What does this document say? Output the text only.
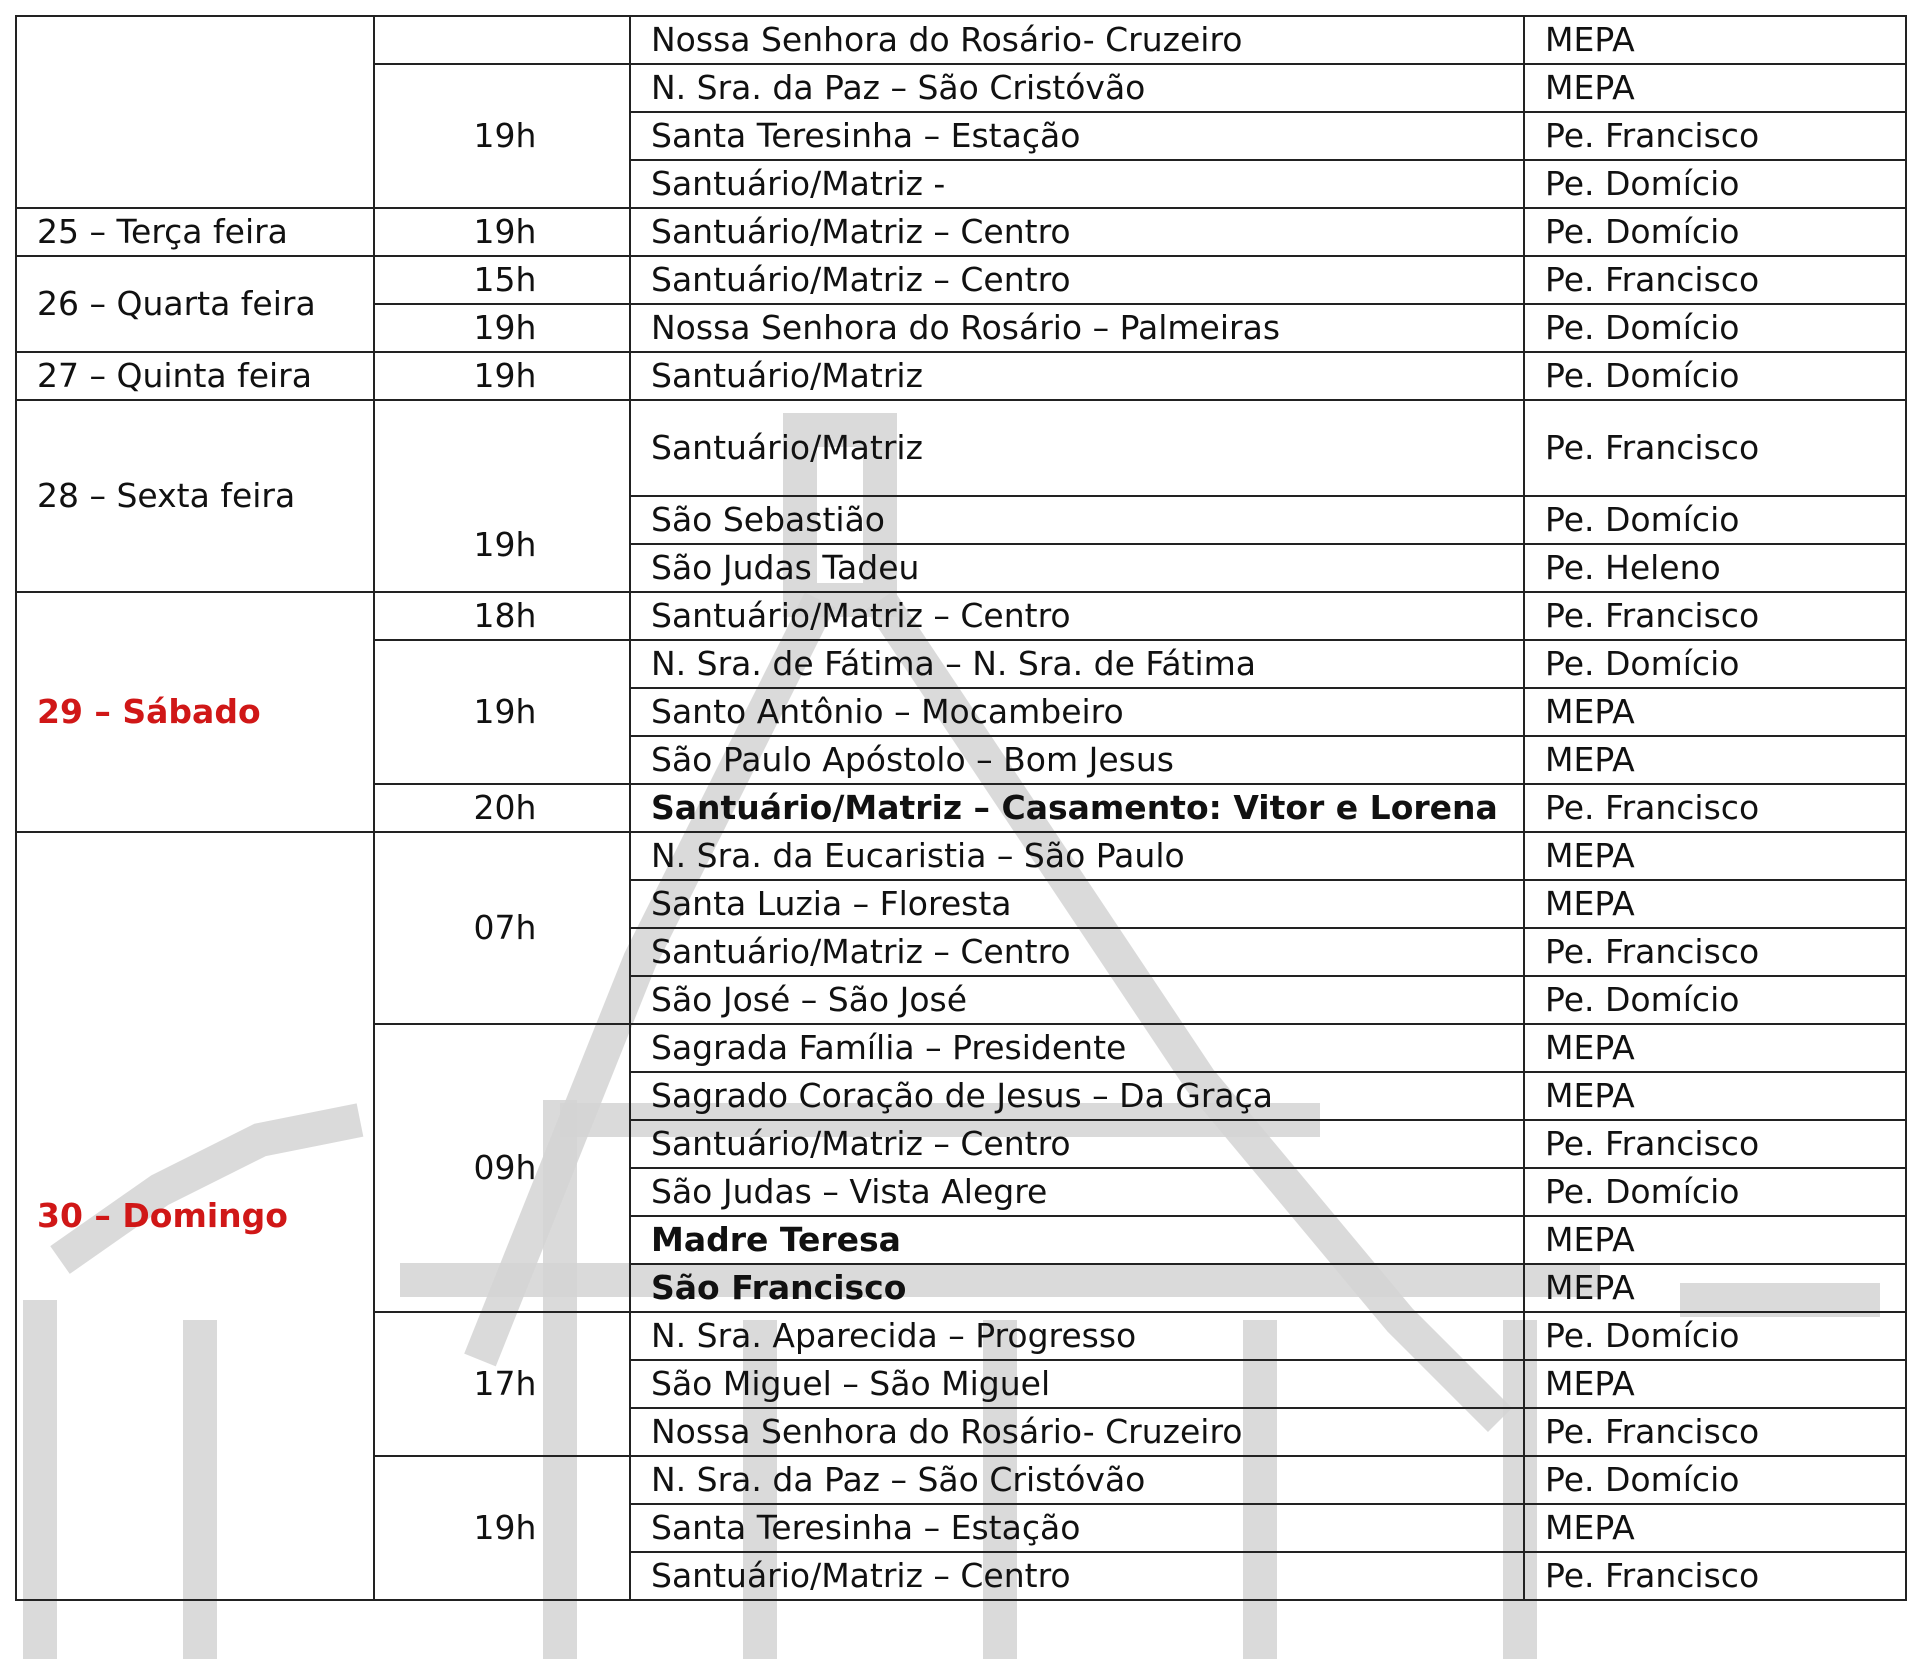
		Nossa Senhora do Rosário- Cruzeiro	MEPA
	19h	N. Sra. da Paz – São Cristóvão	MEPA
		Santa Teresinha – Estação	Pe. Francisco
		Santuário/Matriz -	Pe. Domício
25 – Terça feira	19h	Santuário/Matriz – Centro	Pe. Domício
26 – Quarta feira	15h	Santuário/Matriz – Centro	Pe. Francisco
	19h	Nossa Senhora do Rosário – Palmeiras	Pe. Domício
27 – Quinta feira	19h	Santuário/Matriz	Pe. Domício
28 – Sexta feira	19h	Santuário/Matriz	Pe. Francisco
		São Sebastião	Pe. Domício
		São Judas Tadeu	Pe. Heleno
29 – Sábado	18h	Santuário/Matriz – Centro	Pe. Francisco
	19h	N. Sra. de Fátima – N. Sra. de Fátima	Pe. Domício
		Santo Antônio – Mocambeiro	MEPA
		São Paulo Apóstolo – Bom Jesus	MEPA
	20h	Santuário/Matriz – Casamento: Vitor e Lorena	Pe. Francisco
30 – Domingo	07h	N. Sra. da Eucaristia – São Paulo	MEPA
		Santa Luzia – Floresta	MEPA
		Santuário/Matriz – Centro	Pe. Francisco
		São José – São José	Pe. Domício
	09h	Sagrada Família – Presidente	MEPA
		Sagrado Coração de Jesus – Da Graça	MEPA
		Santuário/Matriz – Centro	Pe. Francisco
		São Judas – Vista Alegre	Pe. Domício
		Madre Teresa	MEPA
		São Francisco	MEPA
	17h	N. Sra. Aparecida – Progresso	Pe. Domício
		São Miguel – São Miguel	MEPA
		Nossa Senhora do Rosário- Cruzeiro	Pe. Francisco
	19h	N. Sra. da Paz – São Cristóvão	Pe. Domício
		Santa Teresinha – Estação	MEPA
		Santuário/Matriz – Centro	Pe. Francisco
